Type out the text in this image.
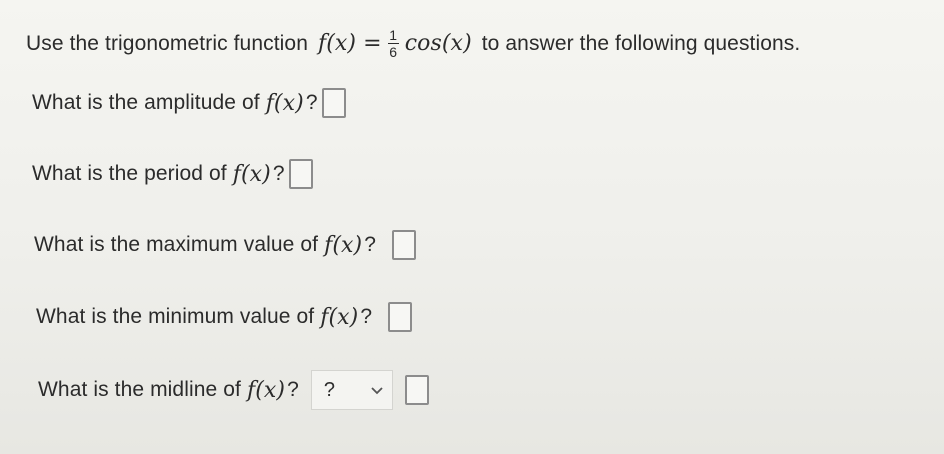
Use the trigonometric function $f(x) = \frac{1}{6} \cos(x)$ to answer the following questions.
What is the amplitude of f(x) ?
What is the period of f(x) ?
What is the maximum value of f(x) ?
What is the minimum value of f(x) ?
What is the midline of f(x) ? ?
